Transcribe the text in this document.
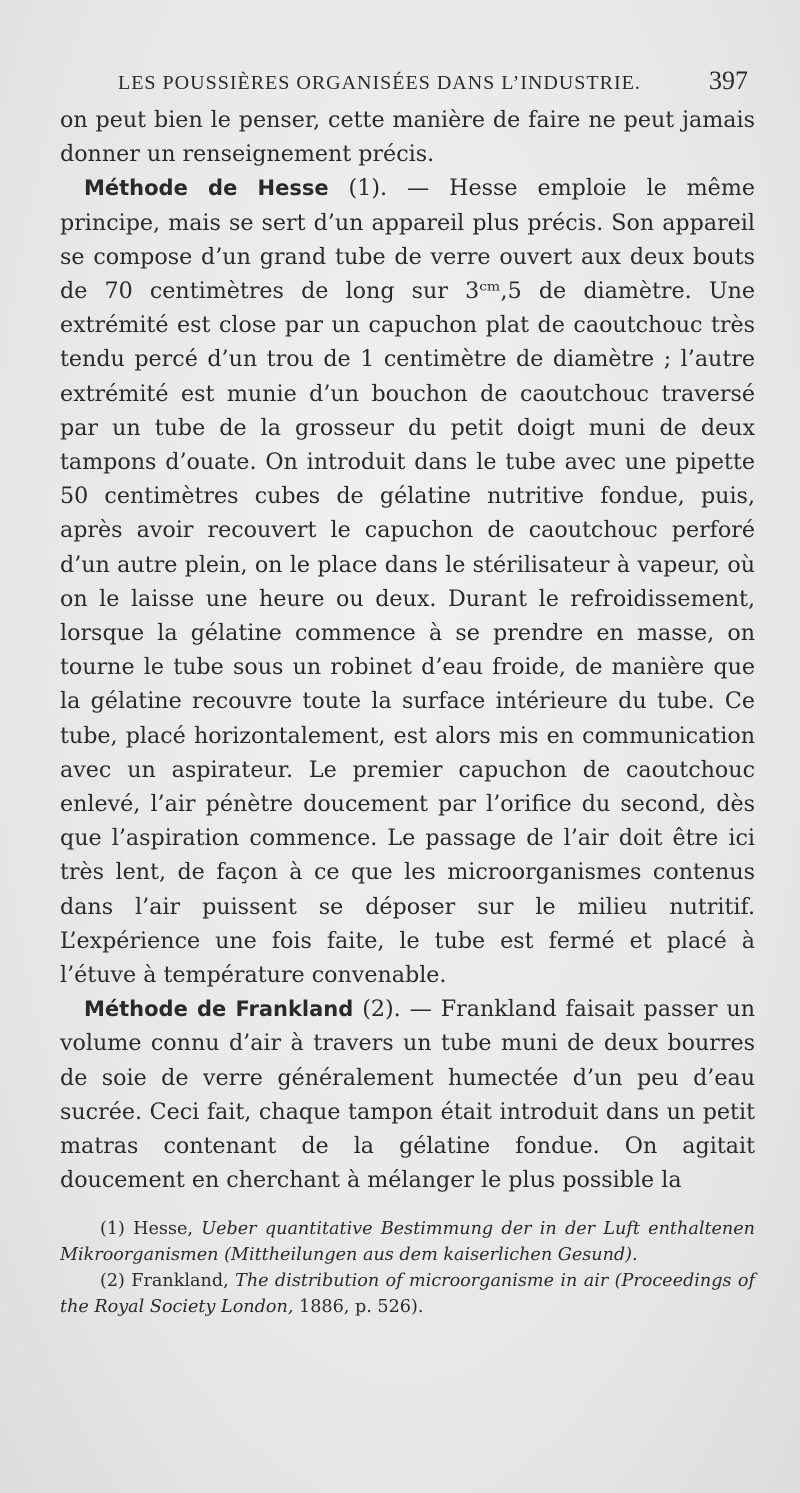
LES POUSSIÈRES ORGANISÉES DANS L’INDUSTRIE.	397

on peut bien le penser, cette manière de faire ne peut jamais donner un renseignement précis.

Méthode de Hesse (1). — Hesse emploie le même principe, mais se sert d’un appareil plus précis. Son appareil se compose d’un grand tube de verre ouvert aux deux bouts de 70 centimètres de long sur 3ᶜᵐ,5 de diamètre. Une extrémité est close par un capuchon plat de caoutchouc très tendu percé d’un trou de 1 centimètre de diamètre ; l’autre extrémité est munie d’un bouchon de caoutchouc traversé par un tube de la grosseur du petit doigt muni de deux tampons d’ouate. On introduit dans le tube avec une pipette 50 centimètres cubes de gélatine nutritive fondue, puis, après avoir recouvert le capuchon de caoutchouc perforé d’un autre plein, on le place dans le stérilisateur à vapeur, où on le laisse une heure ou deux. Durant le refroidissement, lorsque la gélatine commence à se prendre en masse, on tourne le tube sous un robinet d’eau froide, de manière que la gélatine recouvre toute la surface intérieure du tube. Ce tube, placé horizontalement, est alors mis en communication avec un aspirateur. Le premier capuchon de caoutchouc enlevé, l’air pénètre doucement par l’orifice du second, dès que l’aspiration commence. Le passage de l’air doit être ici très lent, de façon à ce que les microorganismes contenus dans l’air puissent se déposer sur le milieu nutritif. L’expérience une fois faite, le tube est fermé et placé à l’étuve à température convenable.

Méthode de Frankland (2). — Frankland faisait passer un volume connu d’air à travers un tube muni de deux bourres de soie de verre généralement humectée d’un peu d’eau sucrée. Ceci fait, chaque tampon était introduit dans un petit matras contenant de la gélatine fondue. On agitait doucement en cherchant à mélanger le plus possible la

(1) Hesse, Ueber quantitative Bestimmung der in der Luft enthaltenen Mikroorganismen (Mittheilungen aus dem kaiserlichen Gesund).

(2) Frankland, The distribution of microorganisme in air (Proceedings of the Royal Society London, 1886, p. 526).
